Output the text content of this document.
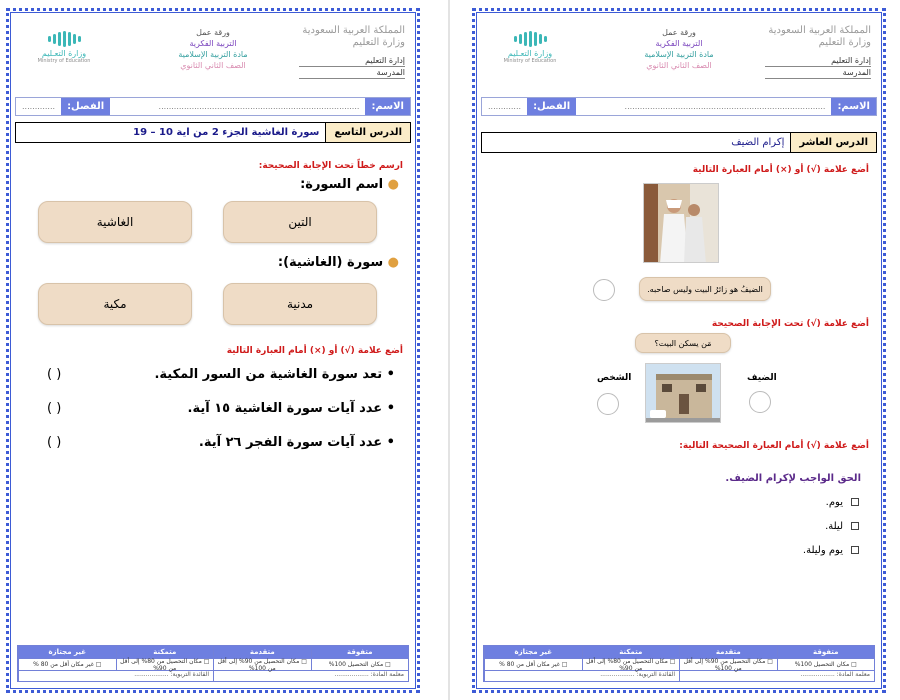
المملكة العربية السعودية
وزارة التعليم
إدارة التعليم
المدرسة
ورقة عمل
التربية الفكرية
مادة التربية الإسلامية
الصف الثاني الثانوي
وزارة التعـليم
Ministry of Education
الاسم:
...............................................................................
الفصل:
.............
الدرس التاسع
سورة الغاشية الجزء 2 من اية 10 – 19
ارسم خطاً تحت الإجابة الصحيحة:
● اسم السورة:
التين
الغاشية
● سورة (الغاشية):
مدنية
مكية
أضع علامة (√) أو (×) أمام العبارة التالية
• تعد سورة الغاشية من السور المكية.
( )
• عدد آيات سورة الغاشية ١٥ آية.
( )
• عدد آيات سورة الفجر ٢٦ آية.
( )
متفوقة
متقدمة
متمكنة
غير مجتازة
□ مكان التحصيل 100%
□ مكان التحصيل من 90% إلى أقل من 100%
□ مكان التحصيل من 80% إلى أقل من 90%
□ غير مكان أقل من 80 %
معلمة المادة: ..................
القائدة التربوية: ..................
المملكة العربية السعودية
وزارة التعليم
إدارة التعليم
المدرسة
ورقة عمل
التربية الفكرية
مادة التربية الإسلامية
الصف الثاني الثانوي
وزارة التعـليم
Ministry of Education
الاسم:
...............................................................................
الفصل:
.............
الدرس العاشر
إكرام الضيف
أضع علامة (√) أو (×) أمام العبارة التالية
الضيفُ هو زائرُ البيت وليس صاحبه.
أضع علامة (√) تحت الإجابة الصحيحة
مَن يسكن البيت؟
الضيف
الشخص
أضع علامة (√) أمام العبارة الصحيحة التالية:
الحق الواجب لإكرام الضيف.
يوم.
ليلة.
يوم وليلة.
متفوقة
متقدمة
متمكنة
غير مجتازة
□ مكان التحصيل 100%
□ مكان التحصيل من 90% إلى أقل من 100%
□ مكان التحصيل من 80% إلى أقل من 90%
□ غير مكان أقل من 80 %
معلمة المادة: ..................
القائدة التربوية: ..................
